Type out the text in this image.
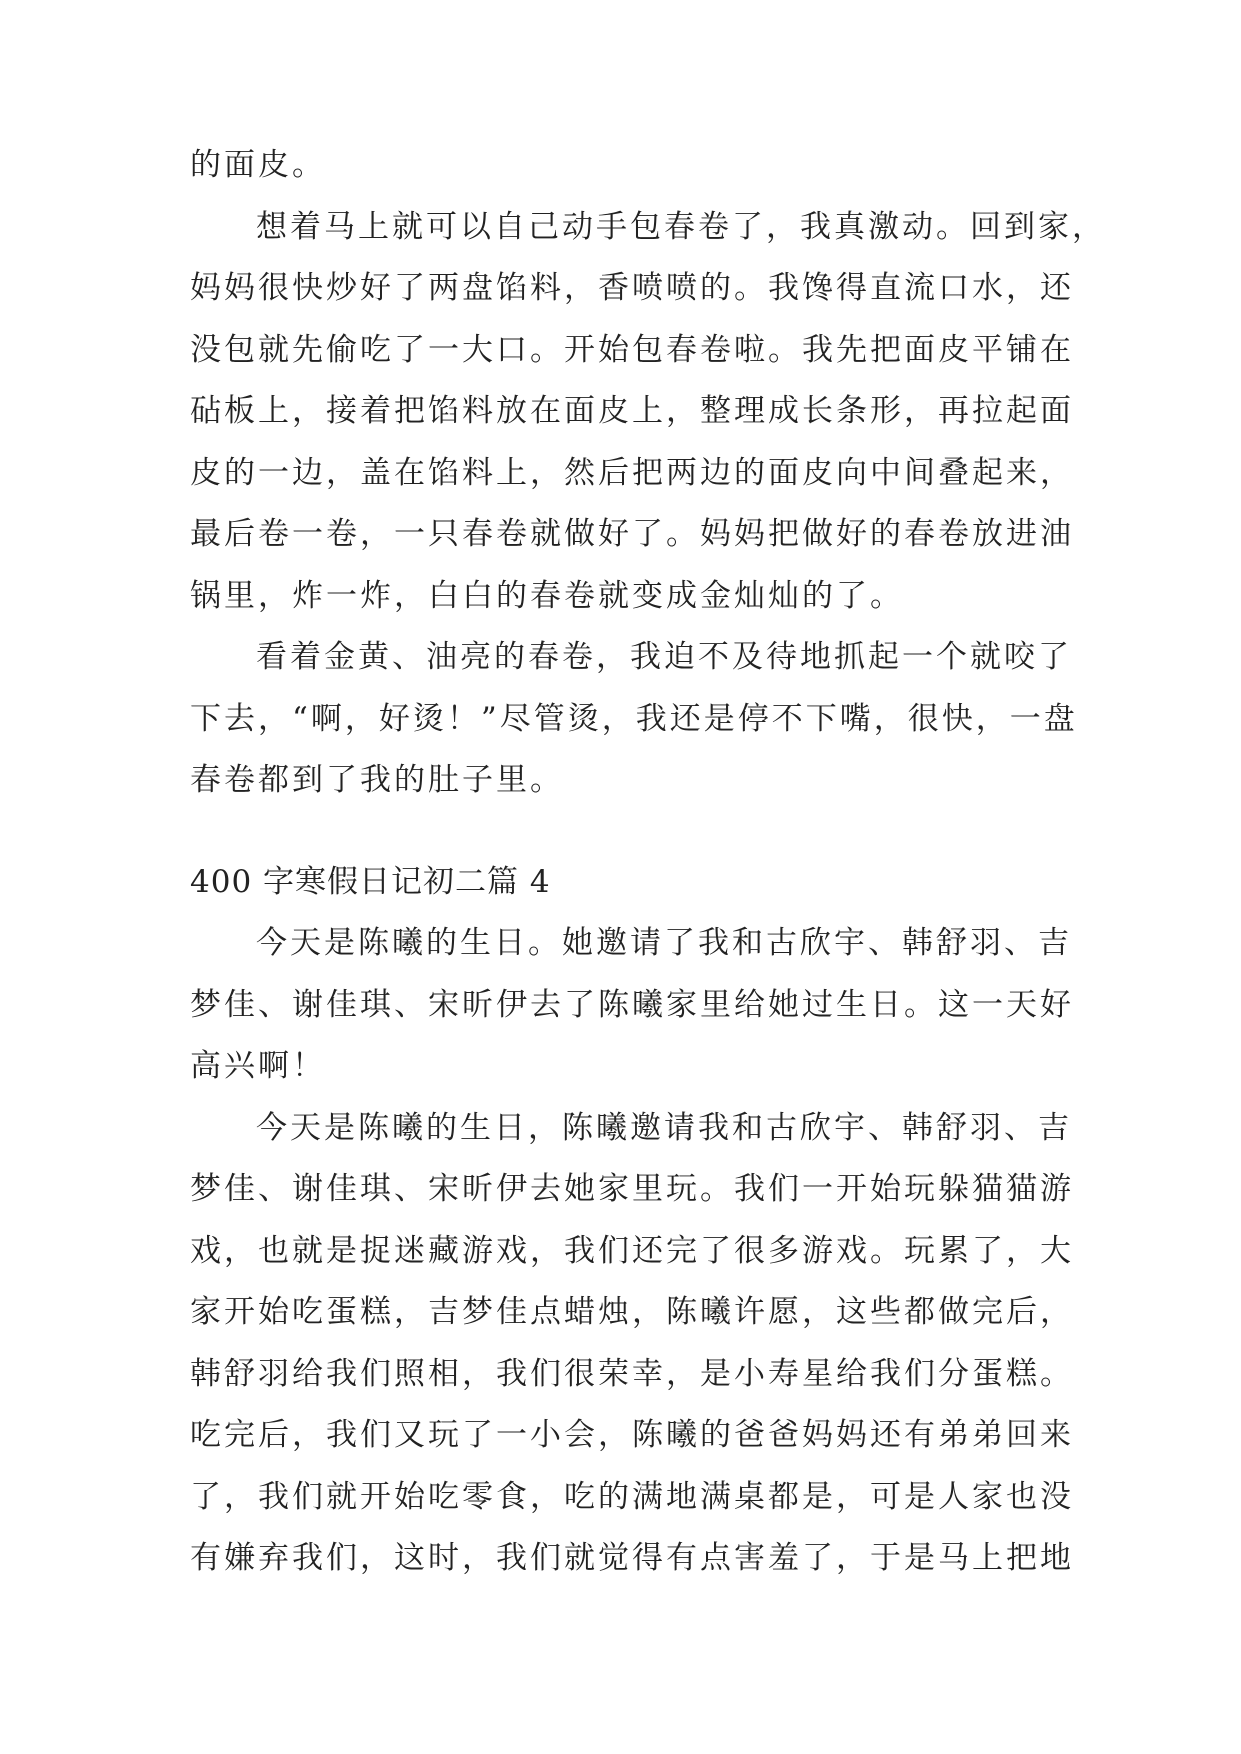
的面皮。
想着马上就可以自己动手包春卷了，我真激动。回到家，
妈妈很快炒好了两盘馅料，香喷喷的。我馋得直流口水，还
没包就先偷吃了一大口。开始包春卷啦。我先把面皮平铺在
砧板上，接着把馅料放在面皮上，整理成长条形，再拉起面
皮的一边，盖在馅料上，然后把两边的面皮向中间叠起来，
最后卷一卷，一只春卷就做好了。妈妈把做好的春卷放进油
锅里，炸一炸，白白的春卷就变成金灿灿的了。
看着金黄、油亮的春卷，我迫不及待地抓起一个就咬了
下去，“啊，好烫！”尽管烫，我还是停不下嘴，很快，一盘
春卷都到了我的肚子里。
400 字寒假日记初二篇 4
今天是陈曦的生日。她邀请了我和古欣宇、韩舒羽、吉
梦佳、谢佳琪、宋昕伊去了陈曦家里给她过生日。这一天好
高兴啊！
今天是陈曦的生日，陈曦邀请我和古欣宇、韩舒羽、吉
梦佳、谢佳琪、宋昕伊去她家里玩。我们一开始玩躲猫猫游
戏，也就是捉迷藏游戏，我们还完了很多游戏。玩累了，大
家开始吃蛋糕，吉梦佳点蜡烛，陈曦许愿，这些都做完后，
韩舒羽给我们照相，我们很荣幸，是小寿星给我们分蛋糕。
吃完后，我们又玩了一小会，陈曦的爸爸妈妈还有弟弟回来
了，我们就开始吃零食，吃的满地满桌都是，可是人家也没
有嫌弃我们，这时，我们就觉得有点害羞了，于是马上把地
